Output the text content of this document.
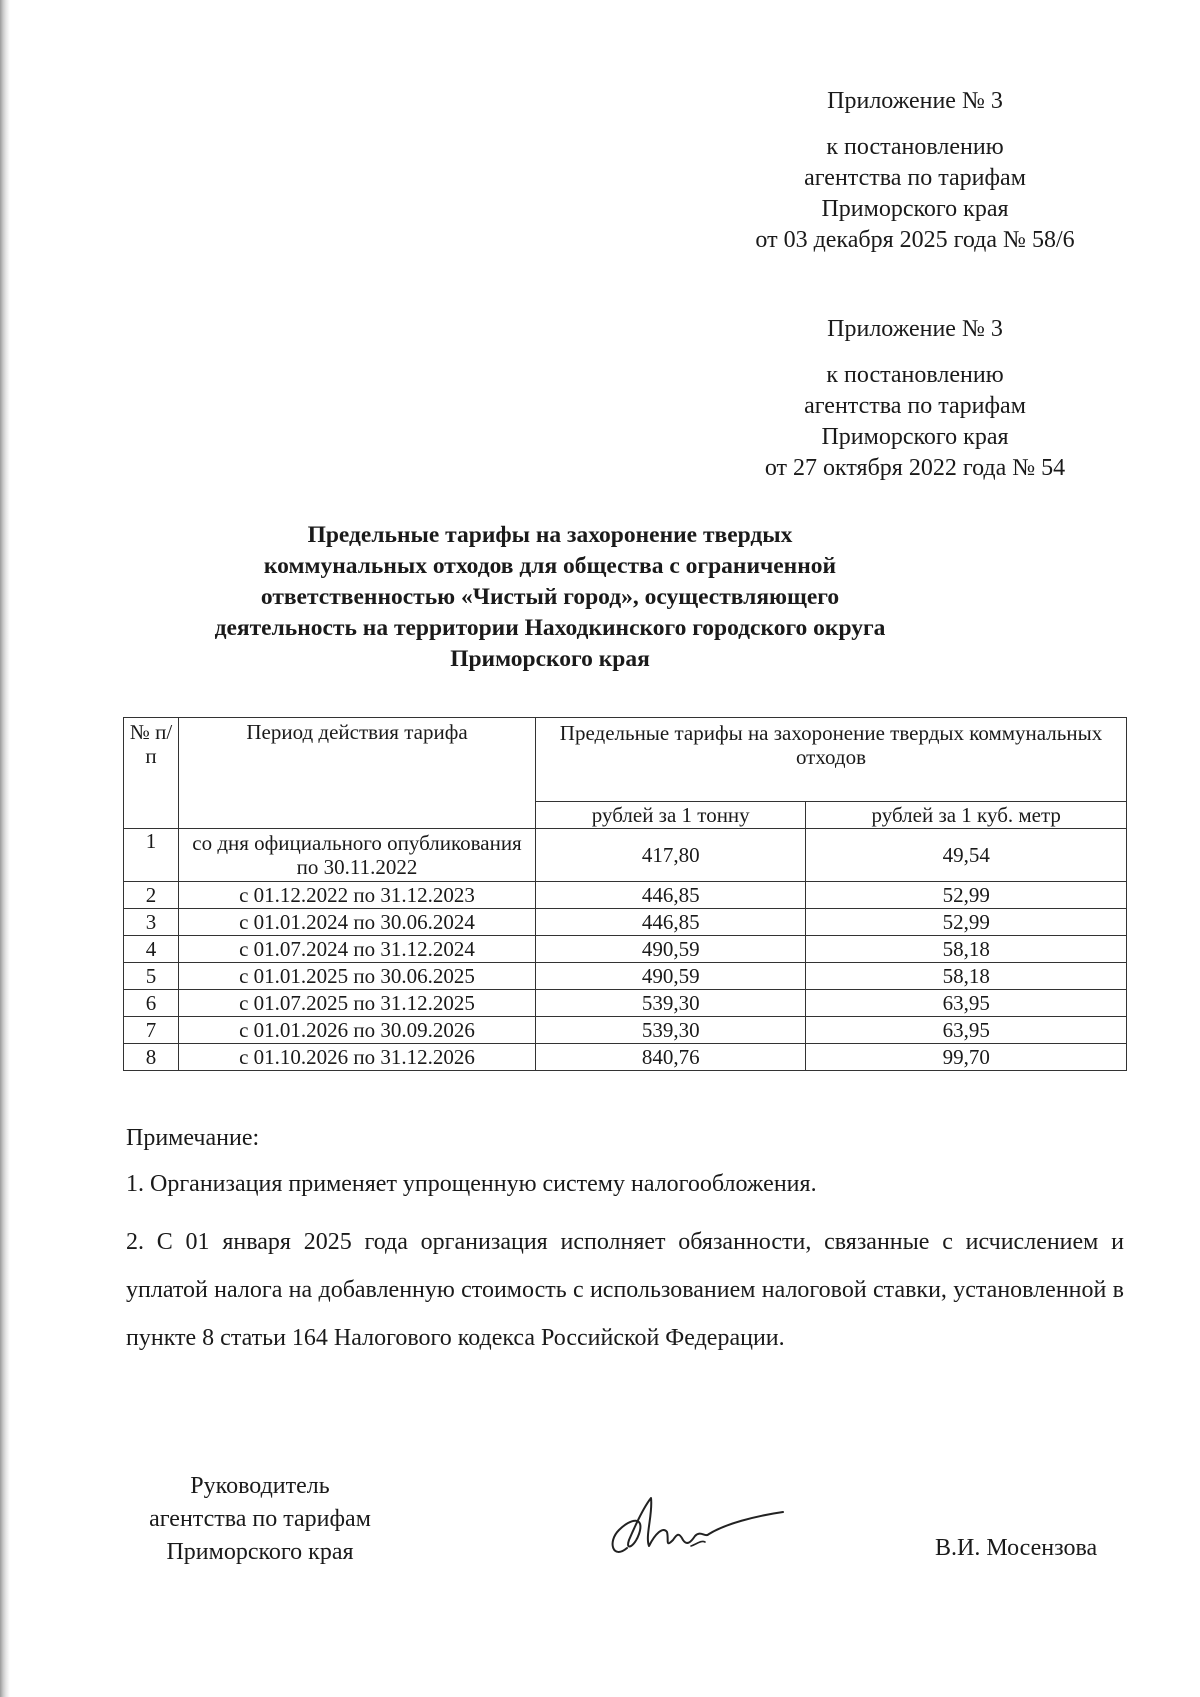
Приложение № 3
к постановлению
агентства по тарифам
Приморского края
от 03 декабря 2025 года № 58/6
Приложение № 3
к постановлению
агентства по тарифам
Приморского края
от 27 октября 2022 года № 54
Предельные тарифы на захоронение твердых
коммунальных отходов для общества с ограниченной
ответственностью «Чистый город», осуществляющего
деятельность на территории Находкинского городского округа
Приморского края
№ п/п	Период действия тарифа	Предельные тарифы на захоронение твердых коммунальных отходов	
		рублей за 1 тонну	рублей за 1 куб. метр
1	со дня официального опубликования по 30.11.2022	417,80	49,54
2	с 01.12.2022 по 31.12.2023	446,85	52,99
3	с 01.01.2024 по 30.06.2024	446,85	52,99
4	с 01.07.2024 по 31.12.2024	490,59	58,18
5	с 01.01.2025 по 30.06.2025	490,59	58,18
6	с 01.07.2025 по 31.12.2025	539,30	63,95
7	с 01.01.2026 по 30.09.2026	539,30	63,95
8	с 01.10.2026 по 31.12.2026	840,76	99,70

Примечание:

1. Организация применяет упрощенную систему налогообложения.

2. С 01 января 2025 года организация исполняет обязанности, связанные с исчислением и уплатой налога на добавленную стоимость с использованием налоговой ставки, установленной в пункте 8 статьи 164 Налогового кодекса Российской Федерации.

Руководитель
агентства по тарифам
Приморского края	В.И. Мосензова
